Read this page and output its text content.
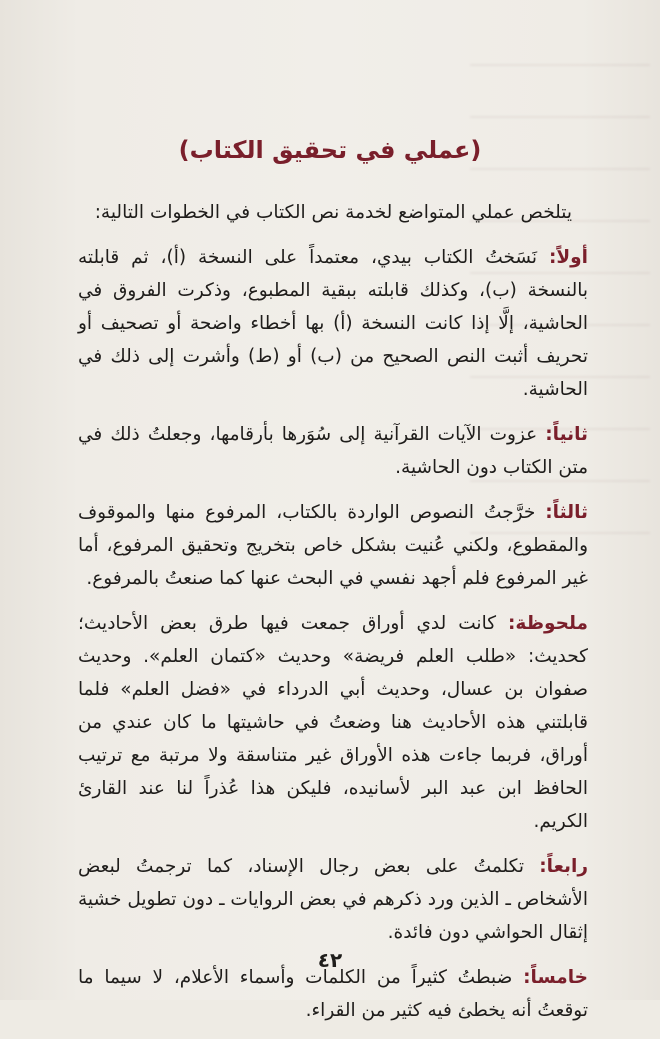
(عملي في تحقيق الكتاب)

يتلخص عملي المتواضع لخدمة نص الكتاب في الخطوات التالية:

أولاً: نَسَختُ الكتاب بيدي، معتمداً على النسخة (أ)، ثم قابلته بالنسخة (ب)، وكذلك قابلته ببقية المطبوع، وذكرت الفروق في الحاشية، إلَّا إذا كانت النسخة (أ) بها أخطاء واضحة أو تصحيف أو تحريف أثبت النص الصحيح من (ب) أو (ط) وأشرت إلى ذلك في الحاشية.

ثانياً: عزوت الآيات القرآنية إلى سُوَرها بأرقامها، وجعلتُ ذلك في متن الكتاب دون الحاشية.

ثالثاً: خرَّجتُ النصوص الواردة بالكتاب، المرفوع منها والموقوف والمقطوع، ولكني عُنيت بشكل خاص بتخريج وتحقيق المرفوع، أما غير المرفوع فلم أجهد نفسي في البحث عنها كما صنعتُ بالمرفوع.

ملحوظة: كانت لدي أوراق جمعت فيها طرق بعض الأحاديث؛ كحديث: «طلب العلم فريضة» وحديث «كتمان العلم». وحديث صفوان بن عسال، وحديث أبي الدرداء في «فضل العلم» فلما قابلتني هذه الأحاديث هنا وضعتُ في حاشيتها ما كان عندي من أوراق، فربما جاءت هذه الأوراق غير متناسقة ولا مرتبة مع ترتيب الحافظ ابن عبد البر لأسانيده، فليكن هذا عُذراً لنا عند القارئ الكريم.

رابعاً: تكلمتُ على بعض رجال الإسناد، كما ترجمتُ لبعض الأشخاص ـ الذين ورد ذكرهم في بعض الروايات ـ دون تطويل خشية إثقال الحواشي دون فائدة.

خامساً: ضبطتُ كثيراً من الكلمات وأسماء الأعلام، لا سيما ما توقعتُ أنه يخطئ فيه كثير من القراء.

٤٢
